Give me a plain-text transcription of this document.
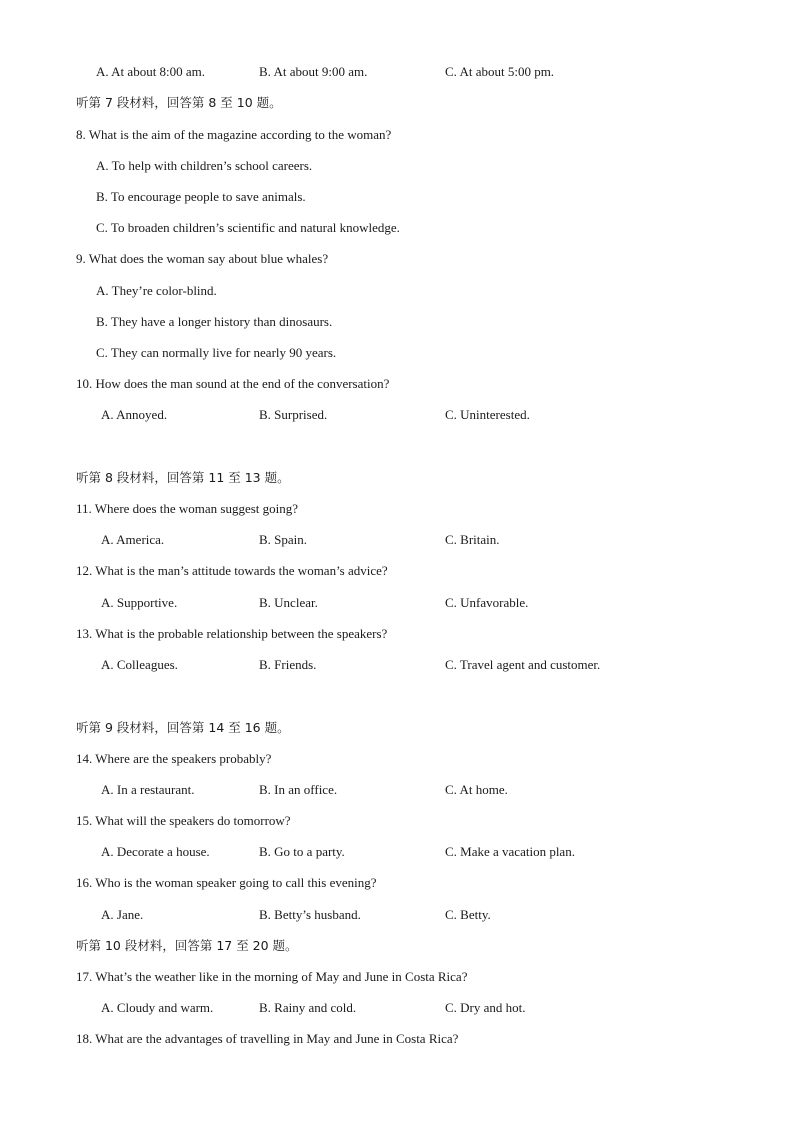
A. At about 8:00 am.	B. At about 9:00 am.	C. At about 5:00 pm.
听第 7 段材料，回答第 8 至 10 题。
8. What is the aim of the magazine according to the woman?
A. To help with children’s school careers.
B. To encourage people to save animals.
C. To broaden children’s scientific and natural knowledge.
9. What does the woman say about blue whales?
A. They’re color-blind.
B. They have a longer history than dinosaurs.
C. They can normally live for nearly 90 years.
10. How does the man sound at the end of the conversation?
A. Annoyed.	B. Surprised.	C. Uninterested.
听第 8 段材料，回答第 11 至 13 题。
11. Where does the woman suggest going?
A. America.	B. Spain.	C. Britain.
12. What is the man’s attitude towards the woman’s advice?
A. Supportive.	B. Unclear.	C. Unfavorable.
13. What is the probable relationship between the speakers?
A. Colleagues.	B. Friends.	C. Travel agent and customer.
听第 9 段材料，回答第 14 至 16 题。
14. Where are the speakers probably?
A. In a restaurant.	B. In an office.	C. At home.
15. What will the speakers do tomorrow?
A. Decorate a house.	B. Go to a party.	C. Make a vacation plan.
16. Who is the woman speaker going to call this evening?
A. Jane.	B. Betty’s husband.	C. Betty.
听第 10 段材料，回答第 17 至 20 题。
17. What’s the weather like in the morning of May and June in Costa Rica?
A. Cloudy and warm.	B. Rainy and cold.	C. Dry and hot.
18. What are the advantages of travelling in May and June in Costa Rica?
